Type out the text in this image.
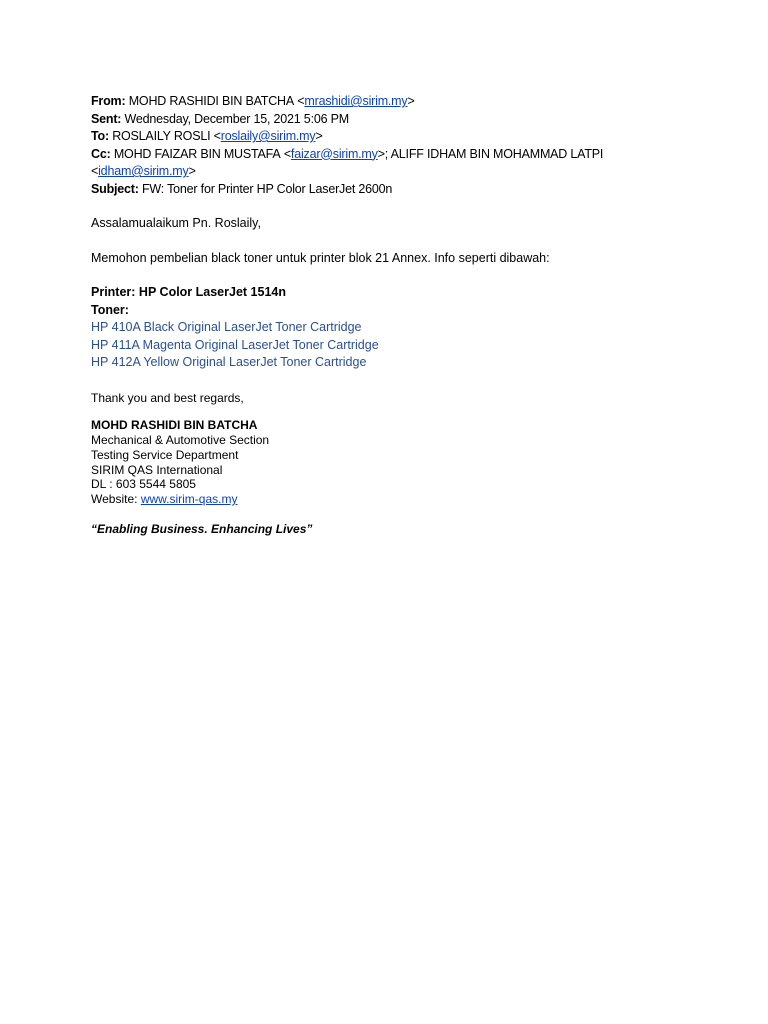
From: MOHD RASHIDI BIN BATCHA <mrashidi@sirim.my>
Sent: Wednesday, December 15, 2021 5:06 PM
To: ROSLAILY ROSLI <roslaily@sirim.my>
Cc: MOHD FAIZAR BIN MUSTAFA <faizar@sirim.my>; ALIFF IDHAM BIN MOHAMMAD LATPI
<idham@sirim.my>
Subject: FW: Toner for Printer HP Color LaserJet 2600n
Assalamualaikum Pn. Roslaily,
Memohon pembelian black toner untuk printer blok 21 Annex. Info seperti dibawah:
Printer: HP Color LaserJet 1514n
Toner:
HP 410A Black Original LaserJet Toner Cartridge
HP 411A Magenta Original LaserJet Toner Cartridge
HP 412A Yellow Original LaserJet Toner Cartridge
Thank you and best regards,
MOHD RASHIDI BIN BATCHA
Mechanical & Automotive Section
Testing Service Department
SIRIM QAS International
DL : 603 5544 5805
Website: www.sirim-qas.my
“Enabling Business. Enhancing Lives”
